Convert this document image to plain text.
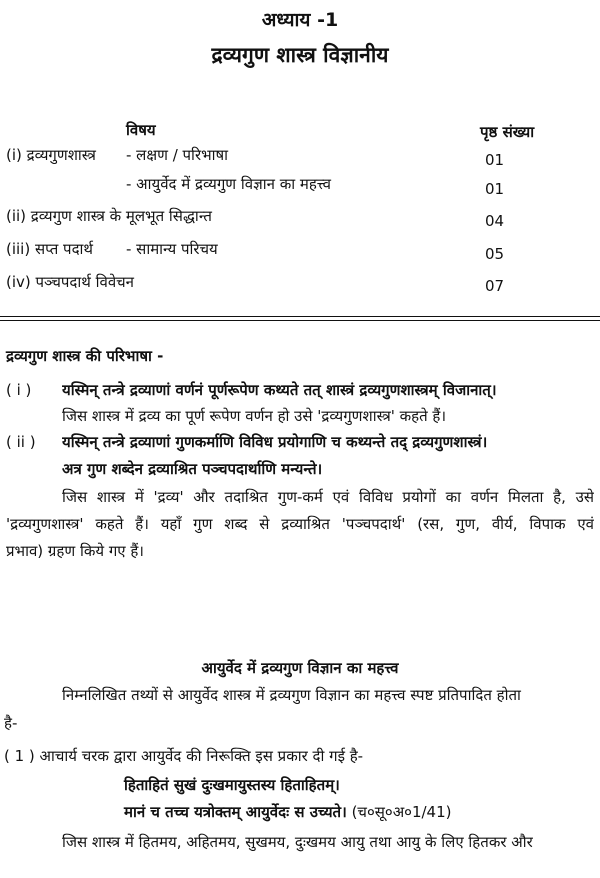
अध्याय -1
द्रव्यगुण शास्त्र विज्ञानीय
विषय	पृष्ठ संख्या
(i) द्रव्यगुणशास्त्र - लक्षण / परिभाषा	01
- आयुर्वेद में द्रव्यगुण विज्ञान का महत्त्व	01
(ii) द्रव्यगुण शास्त्र के मूलभूत सिद्धान्त	04
(iii) सप्त पदार्थ - सामान्य परिचय	05
(iv) पञ्चपदार्थ विवेचन	07
द्रव्यगुण शास्त्र की परिभाषा -
( i ) यस्मिन् तन्त्रे द्रव्याणां वर्णनं पूर्णरूपेण कथ्यते तत् शास्त्रं द्रव्यगुणशास्त्रम् विजानात्।
जिस शास्त्र में द्रव्य का पूर्ण रूपेण वर्णन हो उसे 'द्रव्यगुणशास्त्र' कहते हैं।
( ii ) यस्मिन् तन्त्रे द्रव्याणां गुणकर्माणि विविध प्रयोगाणि च कथ्यन्ते तद् द्रव्यगुणशास्त्रं।
अत्र गुण शब्देन द्रव्याश्रित पञ्चपदार्थाणि मन्यन्ते।
जिस शास्त्र में 'द्रव्य' और तदाश्रित गुण-कर्म एवं विविध प्रयोगों का वर्णन मिलता है, उसे
'द्रव्यगुणशास्त्र' कहते हैं। यहाँ गुण शब्द से द्रव्याश्रित 'पञ्चपदार्थ' (रस, गुण, वीर्य, विपाक एवं
प्रभाव) ग्रहण किये गए हैं।
आयुर्वेद में द्रव्यगुण विज्ञान का महत्त्व
निम्नलिखित तथ्यों से आयुर्वेद शास्त्र में द्रव्यगुण विज्ञान का महत्त्व स्पष्ट प्रतिपादित होता
है-
( 1 ) आचार्य चरक द्वारा आयुर्वेद की निरूक्ति इस प्रकार दी गई है-
हिताहितं सुखं दुःखमायुस्तस्य हिताहितम्।
मानं च तच्च यत्रोक्तम् आयुर्वेदः स उच्यते। (च०सू०अ०1/41)
जिस शास्त्र में हितमय, अहितमय, सुखमय, दुःखमय आयु तथा आयु के लिए हितकर और
